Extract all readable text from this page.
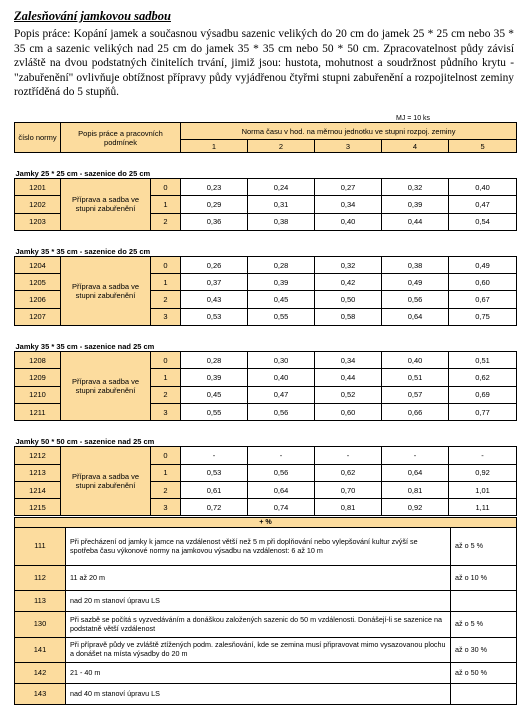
Zalesňování jamkovou sadbou
Popis práce: Kopání jamek a současnou výsadbu sazenic velikých do 20 cm do jamek 25 * 25 cm nebo 35 * 35 cm a sazenic velikých nad 25 cm do jamek 35 * 35 cm nebo 50 * 50 cm. Zpracovatelnost půdy závisí zvláště na dvou podstatných činitelích trvání, jimiž jsou: hustota, mohutnost a soudržnost půdního krytu -"zabuřenění" ovlivňuje obtížnost přípravy půdy vyjádřenou čtyřmi stupni zabuřenění a rozpojitelnost zeminy roztříděná do 5 stupňů.
MJ = 10 ks
číslo normy	Popis práce a pracovních podmínek		Norma času v hod. na měrnou jednotku ve stupni rozpoj. zeminy				
			1	2	3	4	5

Jamky 25 * 25 cm - sazenice do 25 cm							
1201	Příprava a sadba ve stupni zabuřenění	0	0,23	0,24	0,27	0,32	0,40
1202		1	0,29	0,31	0,34	0,39	0,47
1203		2	0,36	0,38	0,40	0,44	0,54

Jamky 35 * 35 cm - sazenice do 25 cm							
1204	Příprava a sadba ve stupni zabuřenění	0	0,26	0,28	0,32	0,38	0,49
1205		1	0,37	0,39	0,42	0,49	0,60
1206		2	0,43	0,45	0,50	0,56	0,67
1207		3	0,53	0,55	0,58	0,64	0,75

Jamky 35 * 35 cm - sazenice nad 25 cm							
1208	Příprava a sadba ve stupni zabuřenění	0	0,28	0,30	0,34	0,40	0,51
1209		1	0,39	0,40	0,44	0,51	0,62
1210		2	0,45	0,47	0,52	0,57	0,69
1211		3	0,55	0,56	0,60	0,66	0,77

Jamky 50 * 50 cm - sazenice nad 25 cm							
1212	Příprava a sadba ve stupni zabuřenění	0	-	-	-	-	-
1213		1	0,53	0,56	0,62	0,64	0,92
1214		2	0,61	0,64	0,70	0,81	1,01
1215		3	0,72	0,74	0,81	0,92	1,11
+ %		
111	Při přecházení od jamky k jamce na vzdálenost větší než 5 m při doplňování nebo vylepšování kultur zvýší se spotřeba času výkonové normy na jamkovou výsadbu na vzdálenost: 6 až 10 m	až o 5 %
112	11 až 20 m	až o 10 %
113	nad 20 m stanoví úpravu LS	
130	Při sazbě se počítá s vyzvedáváním a donáškou založených sazenic do 50 m vzdálenosti. Donášejí-li se sazenice na podstatně větší vzdálenost	až o 5 %
141	Při přípravě půdy ve zvláště ztížených podm. zalesňování, kde se zemina musí připravovat mimo vysazovanou plochu a donášet na místa výsadby do 20 m	až o 30 %
142	21 - 40 m	až o 50 %
143	nad 40 m stanoví úpravu LS	
